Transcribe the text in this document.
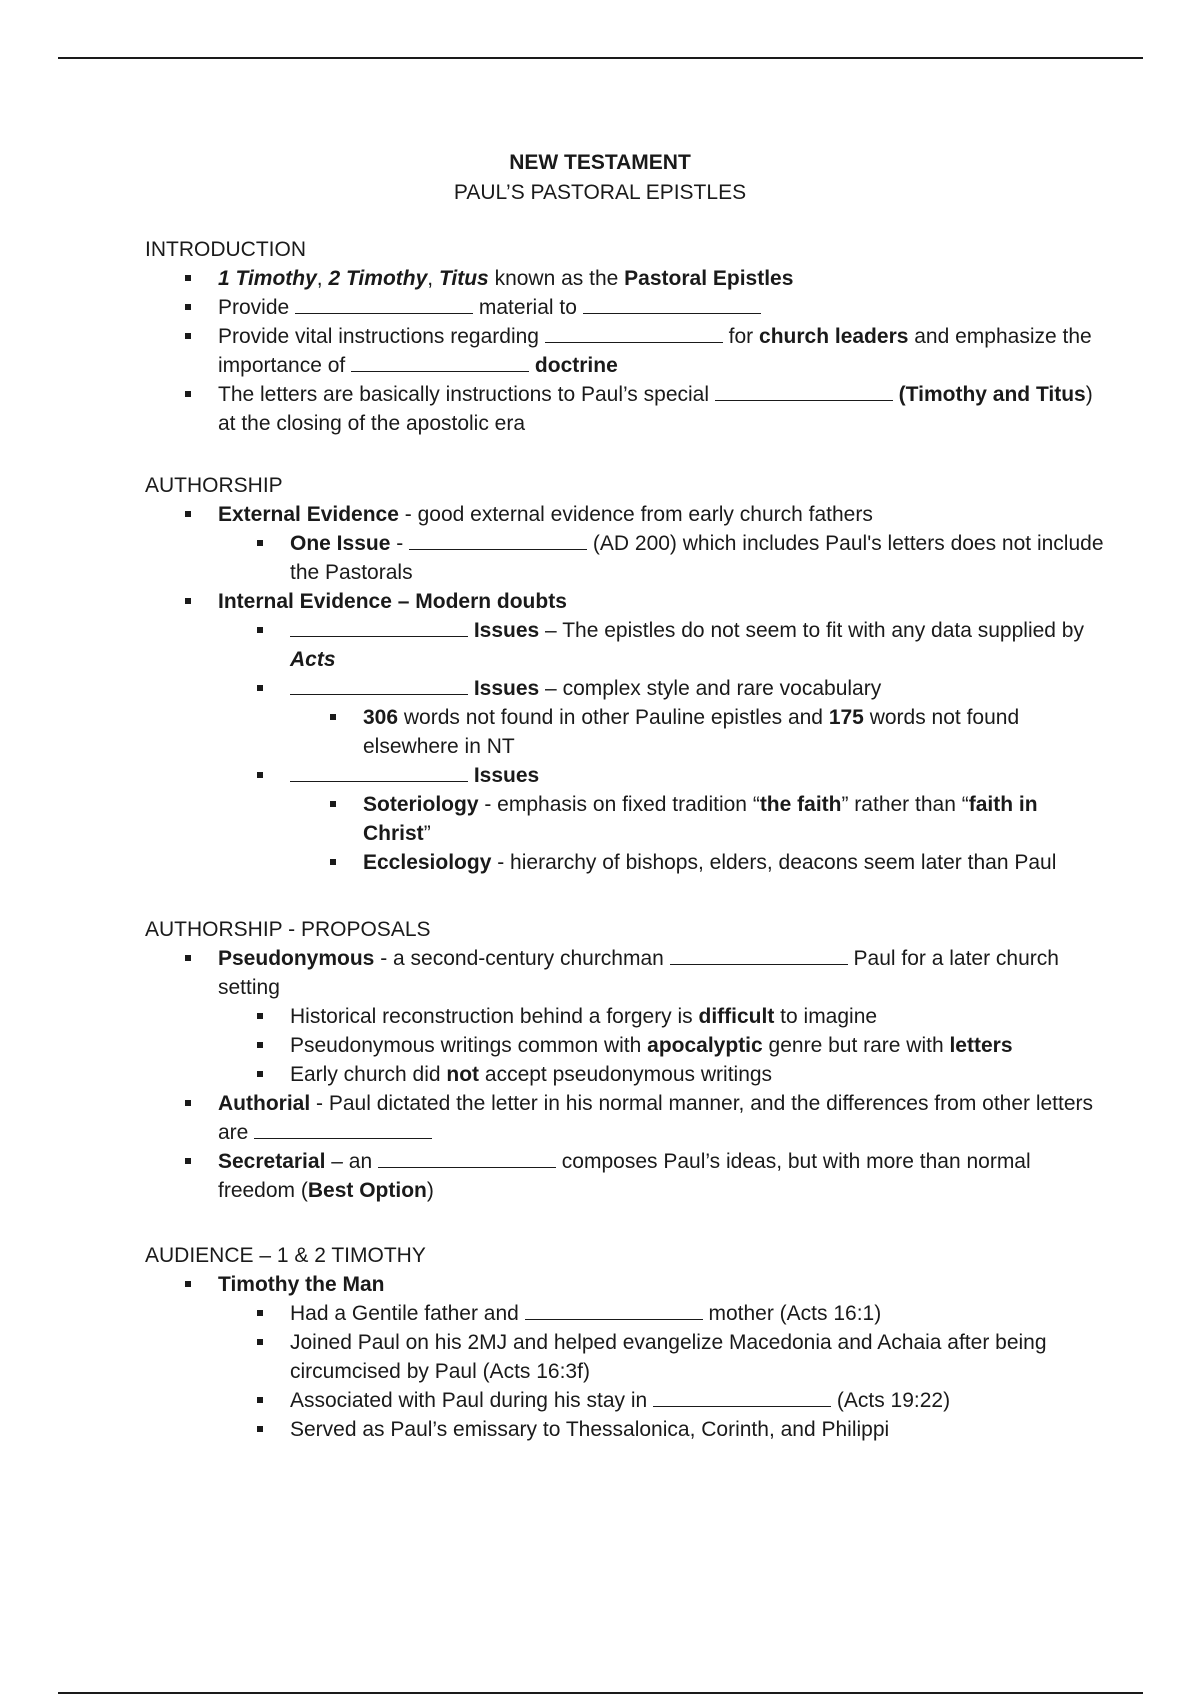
NEW TESTAMENT
PAUL’S PASTORAL EPISTLES
INTRODUCTION
1 Timothy, 2 Timothy, Titus known as the Pastoral Epistles
Provide	material to
Provide vital instructions regarding	for church leaders and emphasize the importance of	doctrine
The letters are basically instructions to Paul’s special	(Timothy and Titus) at the closing of the apostolic era
AUTHORSHIP
External Evidence - good external evidence from early church fathers
One Issue -	(AD 200) which includes Paul's letters does not include the Pastorals
Internal Evidence – Modern doubts
Issues – The epistles do not seem to fit with any data supplied by Acts
Issues – complex style and rare vocabulary
306 words not found in other Pauline epistles and 175 words not found elsewhere in NT
Issues
Soteriology - emphasis on fixed tradition “the faith” rather than “faith in Christ”
Ecclesiology - hierarchy of bishops, elders, deacons seem later than Paul
AUTHORSHIP - PROPOSALS
Pseudonymous - a second-century churchman	Paul for a later church setting
Historical reconstruction behind a forgery is difficult to imagine
Pseudonymous writings common with apocalyptic genre but rare with letters
Early church did not accept pseudonymous writings
Authorial - Paul dictated the letter in his normal manner, and the differences from other letters are
Secretarial – an	composes Paul’s ideas, but with more than normal freedom (Best Option)
AUDIENCE – 1 & 2 TIMOTHY
Timothy the Man
Had a Gentile father and	mother (Acts 16:1)
Joined Paul on his 2MJ and helped evangelize Macedonia and Achaia after being circumcised by Paul (Acts 16:3f)
Associated with Paul during his stay in	(Acts 19:22)
Served as Paul’s emissary to Thessalonica, Corinth, and Philippi
